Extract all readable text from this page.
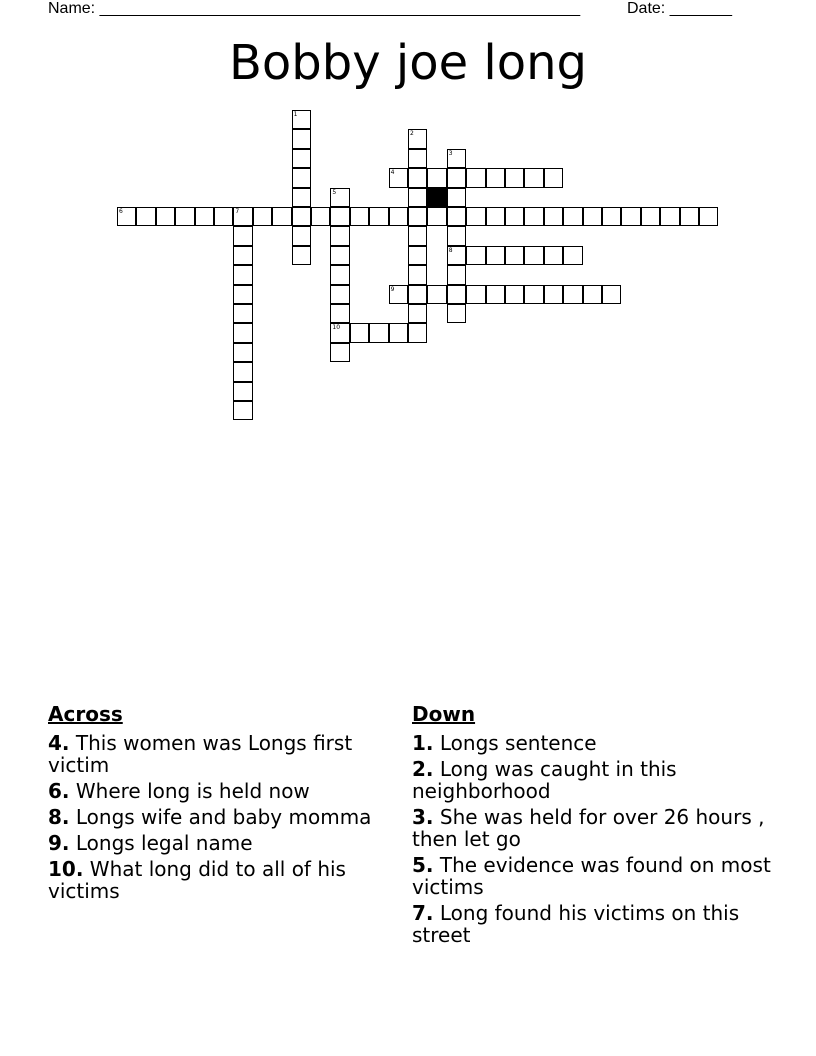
Name: ______________________________________________________	Date: _______
Bobby joe long
1
2
3
8
4
5
10
6	7
9
Across
4. This women was Longs first victim
6. Where long is held now
8. Longs wife and baby momma
9. Longs legal name
10. What long did to all of his victims
Down
1. Longs sentence
2. Long was caught in this neighborhood
3. She was held for over 26 hours , then let go
5. The evidence was found on most victims
7. Long found his victims on this street
